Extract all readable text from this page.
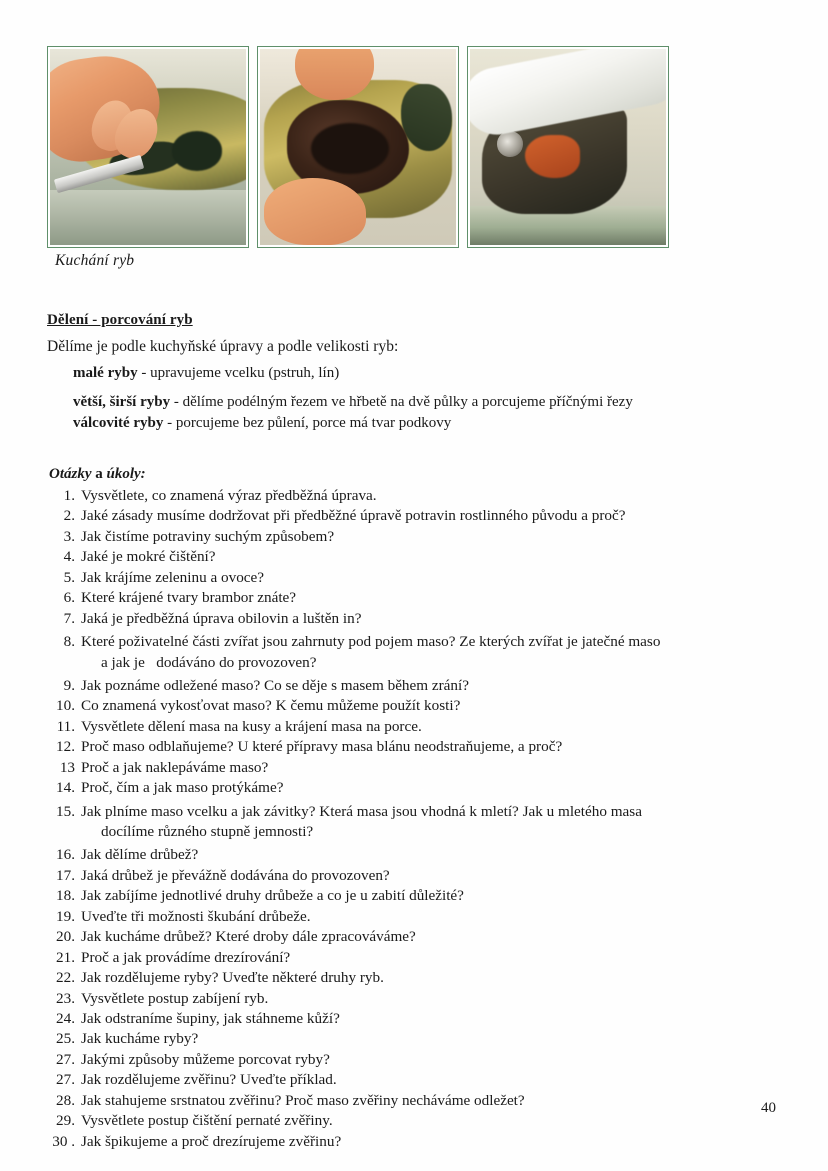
Kuchání ryb
Dělení - porcování ryb
Dělíme je podle kuchyňské úpravy a podle velikosti ryb:
malé ryby - upravujeme vcelku (pstruh, lín)
větší, širší ryby - dělíme podélným řezem ve hřbetě na dvě půlky a porcujeme příčnými řezy
válcovité ryby - porcujeme bez půlení, porce má tvar podkovy
Otázky a úkoly:
1. Vysvětlete, co znamená výraz předběžná úprava.
2. Jaké zásady musíme dodržovat při předběžné úpravě potravin rostlinného původu a proč?
3. Jak čistíme potraviny suchým způsobem?
4. Jaké je mokré čištění?
5. Jak krájíme zeleninu a ovoce?
6. Které krájené tvary brambor znáte?
7. Jaká je předběžná úprava obilovin a luštěn in?
8. Které poživatelné části zvířat jsou zahrnuty pod pojem maso? Ze kterých zvířat je jatečné maso
a jak je   dodáváno do provozoven?
9. Jak poznáme odležené maso? Co se děje s masem během zrání?
10. Co znamená vykosťovat maso? K čemu můžeme použít kosti?
11. Vysvětlete dělení masa na kusy a krájení masa na porce.
12. Proč maso odblaňujeme? U které přípravy masa blánu neodstraňujeme, a proč?
13 Proč a jak naklepáváme maso?
14. Proč, čím a jak maso protýkáme?
15. Jak plníme maso vcelku a jak závitky? Která masa jsou vhodná k mletí? Jak u mletého masa
docílíme různého stupně jemnosti?
16. Jak dělíme drůbež?
17. Jaká drůbež je převážně dodávána do provozoven?
18. Jak zabíjíme jednotlivé druhy drůbeže a co je u zabití důležité?
19. Uveďte tři možnosti škubání drůbeže.
20. Jak kucháme drůbež? Které droby dále zpracováváme?
21. Proč a jak provádíme drezírování?
22. Jak rozdělujeme ryby? Uveďte některé druhy ryb.
23. Vysvětlete postup zabíjení ryb.
24. Jak odstraníme šupiny, jak stáhneme kůží?
25. Jak kucháme ryby?
27. Jakými způsoby můžeme porcovat ryby?
27. Jak rozdělujeme zvěřinu? Uveďte příklad.
28. Jak stahujeme srstnatou zvěřinu? Proč maso zvěřiny necháváme odležet?
29. Vysvětlete postup čištění pernaté zvěřiny.
30 . Jak špikujeme a proč drezírujeme zvěřinu?
40
